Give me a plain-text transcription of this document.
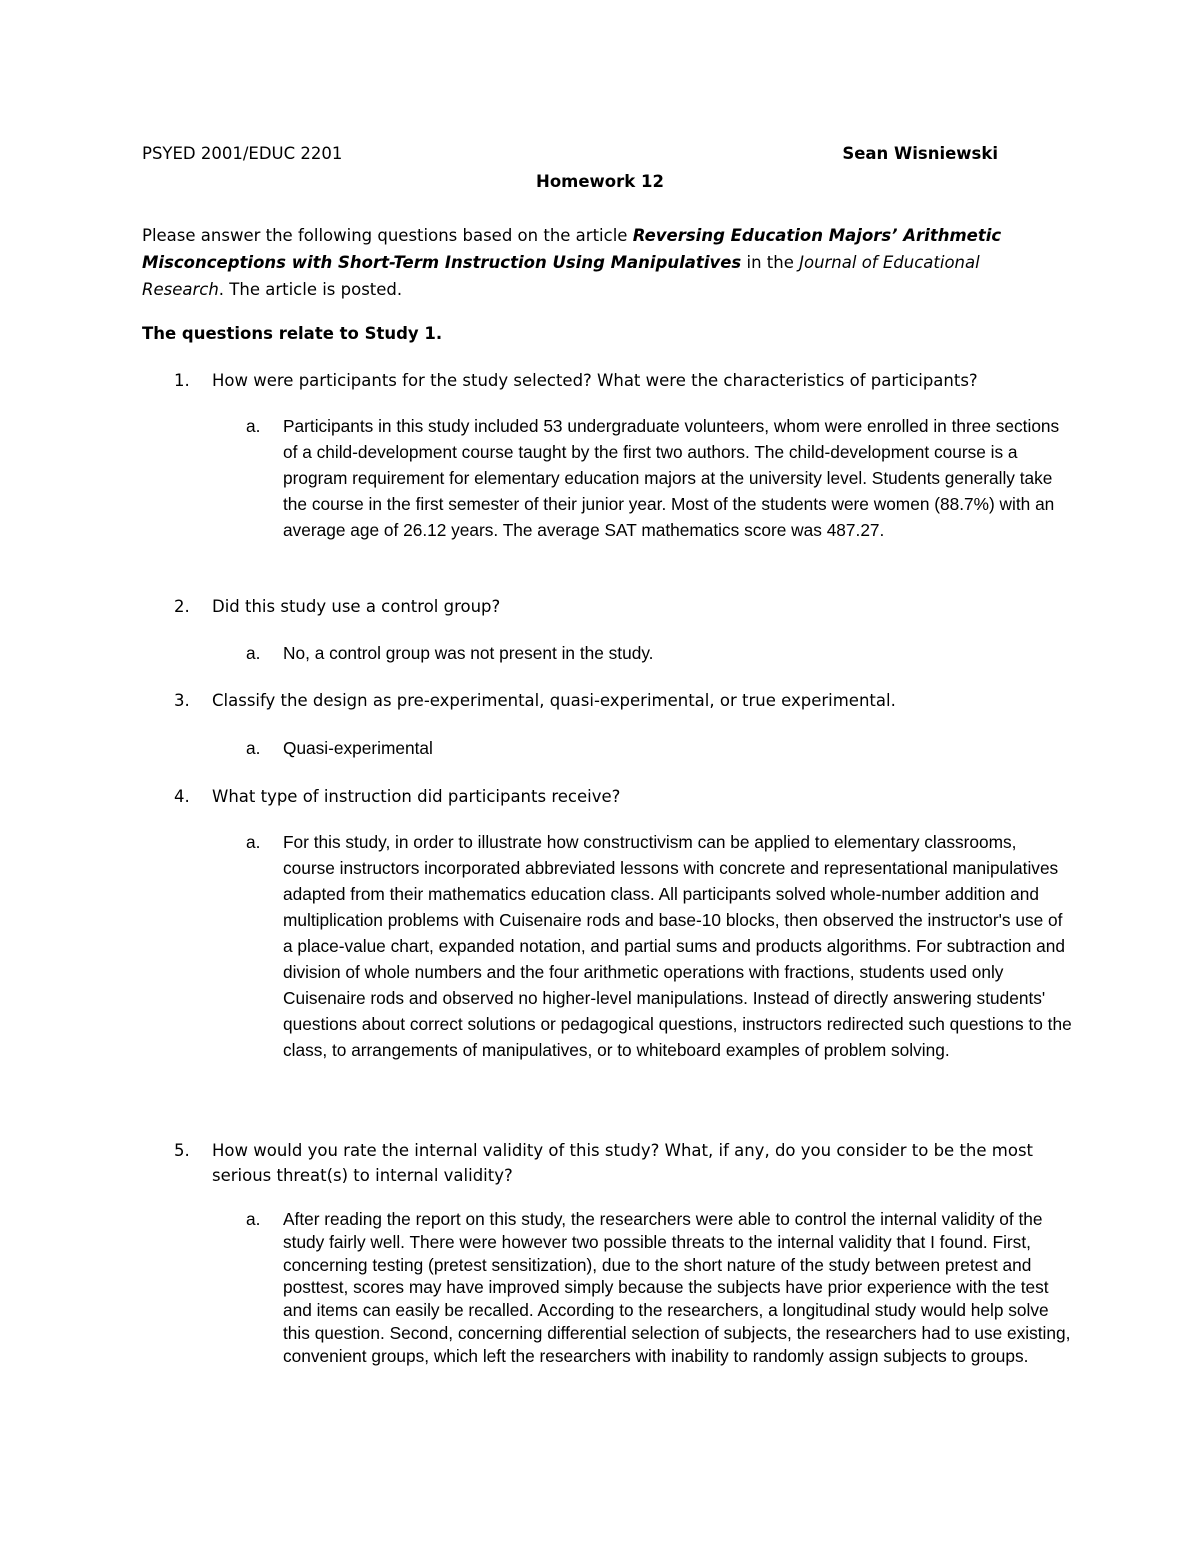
PSYED 2001/EDUC 2201	Sean Wisniewski
Homework 12
Please answer the following questions based on the article Reversing Education Majors’ Arithmetic Misconceptions with Short-Term Instruction Using Manipulatives in the Journal of Educational Research. The article is posted.
The questions relate to Study 1.
1. How were participants for the study selected? What were the characteristics of participants?
a. Participants in this study included 53 undergraduate volunteers, whom were enrolled in three sections of a child-development course taught by the first two authors. The child-development course is a program requirement for elementary education majors at the university level. Students generally take the course in the first semester of their junior year. Most of the students were women (88.7%) with an average age of 26.12 years. The average SAT mathematics score was 487.27.
2. Did this study use a control group?
a. No, a control group was not present in the study.
3. Classify the design as pre-experimental, quasi-experimental, or true experimental.
a. Quasi-experimental
4. What type of instruction did participants receive?
a. For this study, in order to illustrate how constructivism can be applied to elementary classrooms, course instructors incorporated abbreviated lessons with concrete and representational manipulatives adapted from their mathematics education class. All participants solved whole-number addition and multiplication problems with Cuisenaire rods and base-10 blocks, then observed the instructor's use of a place-value chart, expanded notation, and partial sums and products algorithms. For subtraction and division of whole numbers and the four arithmetic operations with fractions, students used only Cuisenaire rods and observed no higher-level manipulations. Instead of directly answering students' questions about correct solutions or pedagogical questions, instructors redirected such questions to the class, to arrangements of manipulatives, or to whiteboard examples of problem solving.
5. How would you rate the internal validity of this study? What, if any, do you consider to be the most serious threat(s) to internal validity?
a. After reading the report on this study, the researchers were able to control the internal validity of the study fairly well. There were however two possible threats to the internal validity that I found. First, concerning testing (pretest sensitization), due to the short nature of the study between pretest and posttest, scores may have improved simply because the subjects have prior experience with the test and items can easily be recalled. According to the researchers, a longitudinal study would help solve this question. Second, concerning differential selection of subjects, the researchers had to use existing, convenient groups, which left the researchers with inability to randomly assign subjects to groups.
